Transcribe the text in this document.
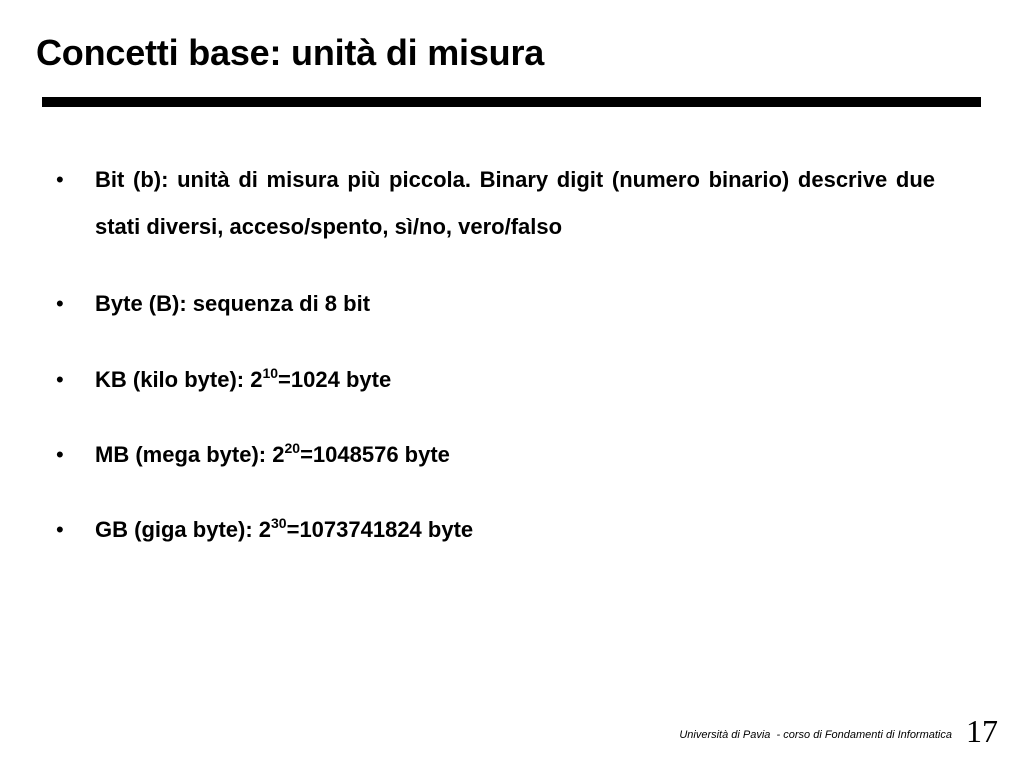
Concetti base: unità di misura
• Bit (b): unità di misura più piccola. Binary digit (numero binario) descrive due stati diversi, acceso/spento, sì/no, vero/falso
• Byte (B): sequenza di 8 bit
• KB (kilo byte): $2^{10}=1024$ byte
• MB (mega byte): $2^{20}=1048576$ byte
• GB (giga byte): $2^{30}=1073741824$ byte
Università di Pavia  - corso di Fondamenti di Informatica 17
